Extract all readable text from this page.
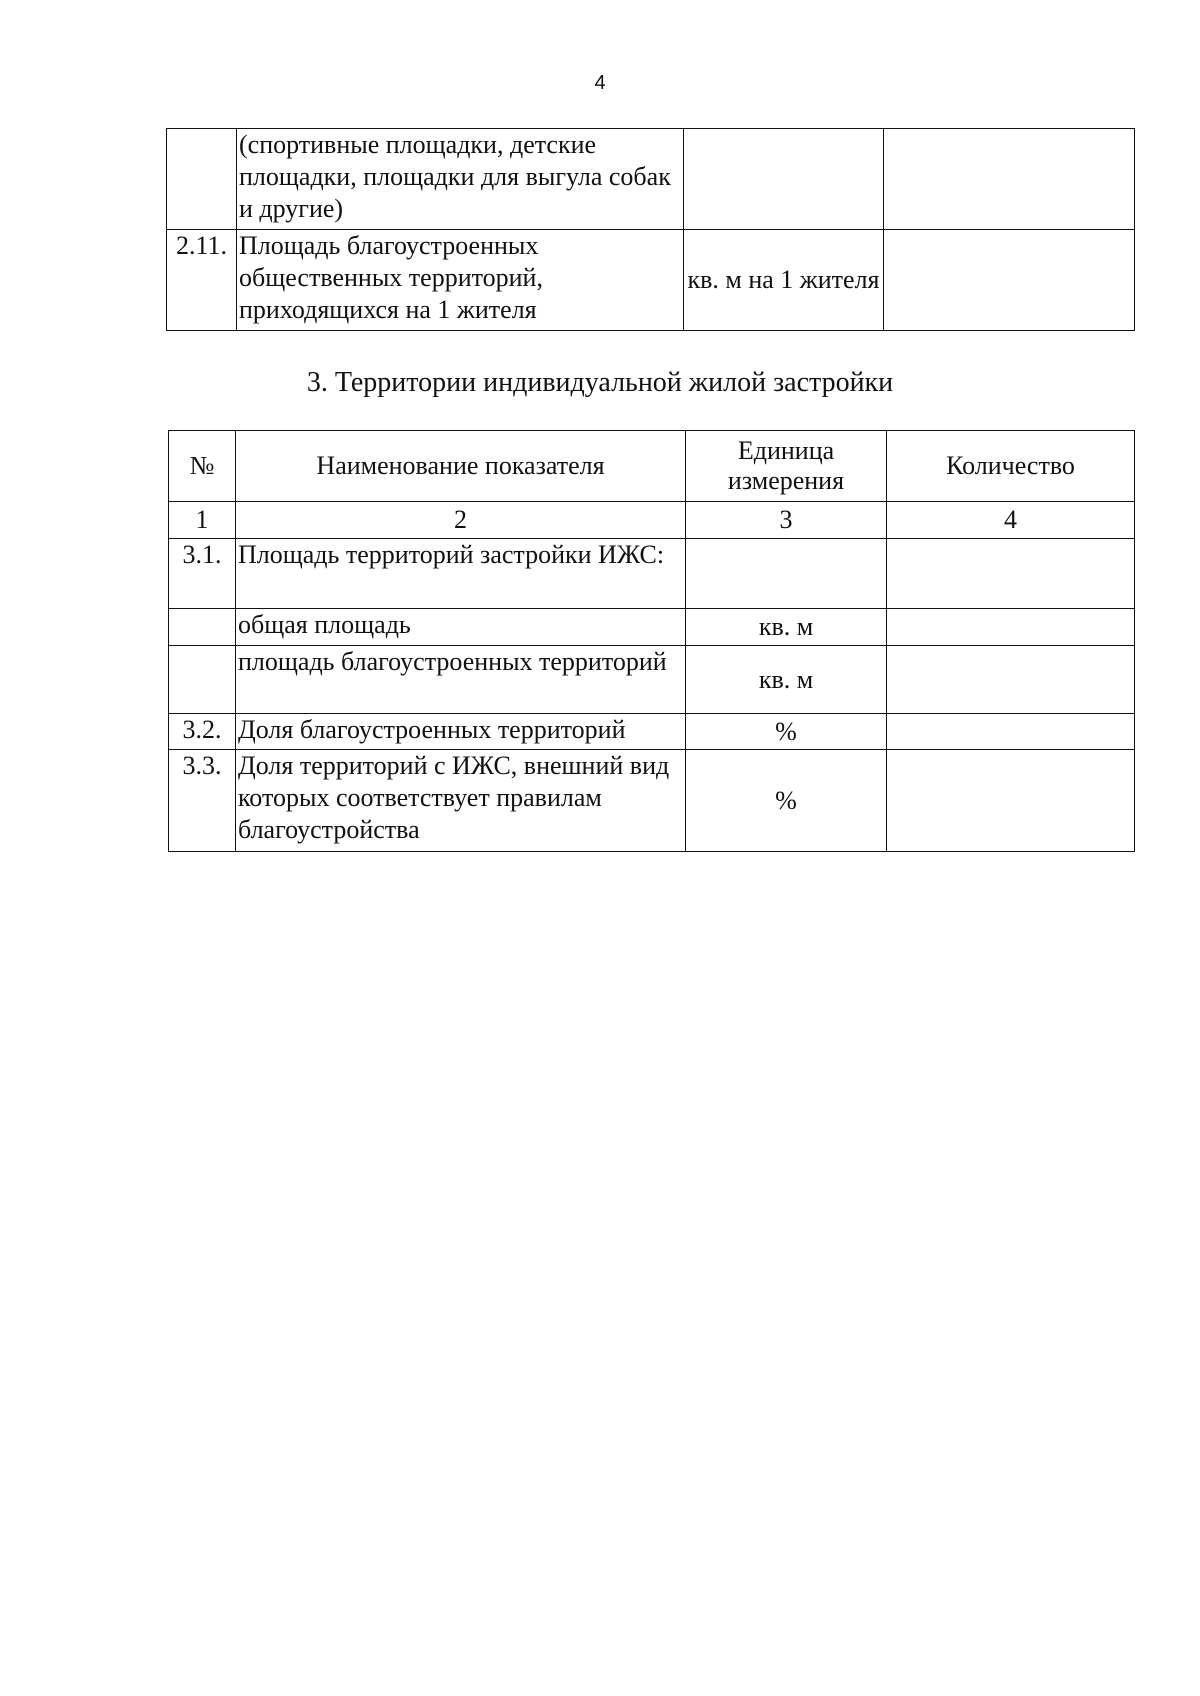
4
	(спортивные площадки, детские площадки, площадки для выгула собак и другие)		
2.11.	Площадь благоустроенных общественных территорий, приходящихся на 1 жителя	кв. м на 1 жителя	
3. Территории индивидуальной жилой застройки
№	Наименование показателя	Единица измерения	Количество
1	2	3	4
3.1.	Площадь территорий застройки ИЖС:		
	общая площадь	кв. м	
	площадь благоустроенных территорий	кв. м	
3.2.	Доля благоустроенных территорий	%	
3.3.	Доля территорий с ИЖС, внешний вид которых соответствует правилам благоустройства	%	
